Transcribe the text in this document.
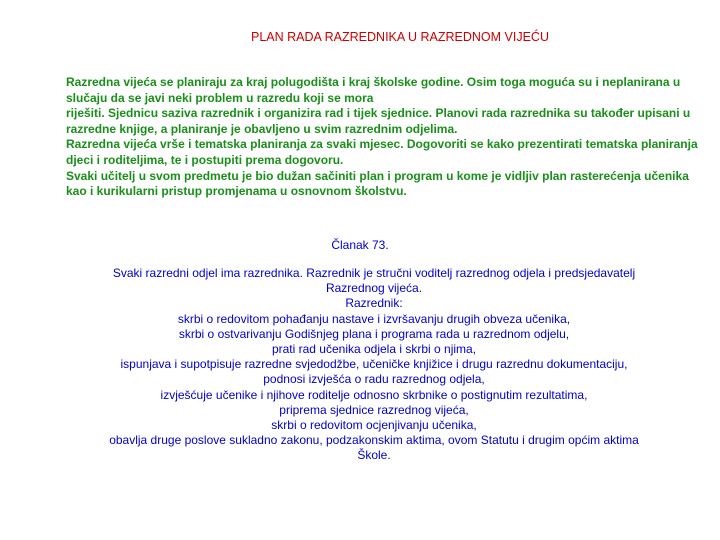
PLAN RADA RAZREDNIKA U RAZREDNOM VIJEĆU
Razredna vijeća se planiraju za kraj polugodišta i kraj školske godine. Osim toga moguća su i neplanirana u
slučaju da se javi neki problem u razredu koji se mora
riješiti. Sjednicu saziva razrednik i organizira rad i tijek sjednice. Planovi rada razrednika su također upisani u
razredne knjige, a planiranje je obavljeno u svim razrednim odjelima.
Razredna vijeća vrše i tematska planiranja za svaki mjesec. Dogovoriti se kako prezentirati tematska planiranja
djeci i roditeljima, te i postupiti prema dogovoru.
Svaki učitelj u svom predmetu je bio dužan sačiniti plan i program u kome je vidljiv plan rasterećenja učenika
kao i kurikularni pristup promjenama u osnovnom školstvu.
Članak 73.
Svaki razredni odjel ima razrednika. Razrednik je stručni voditelj razrednog odjela i predsjedavatelj
Razrednog vijeća.
Razrednik:
skrbi o redovitom pohađanju nastave i izvršavanju drugih obveza učenika,
skrbi o ostvarivanju Godišnjeg plana i programa rada u razrednom odjelu,
prati rad učenika odjela i skrbi o njima,
ispunjava i supotpisuje razredne svjedodžbe, učeničke knjižice i drugu razrednu dokumentaciju,
podnosi izvješća o radu razrednog odjela,
izvješćuje učenike i njihove roditelje odnosno skrbnike o postignutim rezultatima,
priprema sjednice razrednog vijeća,
skrbi o redovitom ocjenjivanju učenika,
obavlja druge poslove sukladno zakonu, podzakonskim aktima, ovom Statutu i drugim općim aktima
Škole.
